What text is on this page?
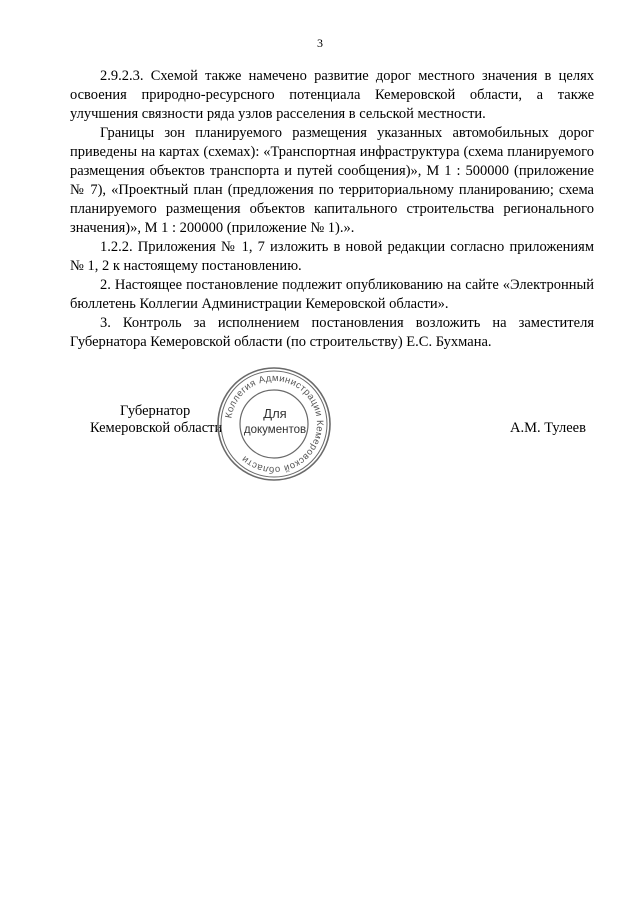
3

2.9.2.3. Схемой также намечено развитие дорог местного значения в целях освоения природно-ресурсного потенциала Кемеровской области, а также улучшения связности ряда узлов расселения в сельской местности.

Границы зон планируемого размещения указанных автомобильных дорог приведены на картах (схемах): «Транспортная инфраструктура (схема планируемого размещения объектов транспорта и путей сообщения)», М 1 : 500000 (приложение № 7), «Проектный план (предложения по территориальному планированию; схема планируемого размещения объектов капитального строительства регионального значения)», М 1 : 200000 (приложение № 1).».

1.2.2. Приложения № 1, 7 изложить в новой редакции согласно приложениям № 1, 2 к настоящему постановлению.

2. Настоящее постановление подлежит опубликованию на сайте «Электронный бюллетень Коллегии Администрации Кемеровской области».

3. Контроль за исполнением постановления возложить на заместителя Губернатора Кемеровской области (по строительству) Е.С. Бухмана.

Губернатор
Кемеровской области	А.М. Тулеев
Коллегия Администрации Кемеровской области
Для
документов
